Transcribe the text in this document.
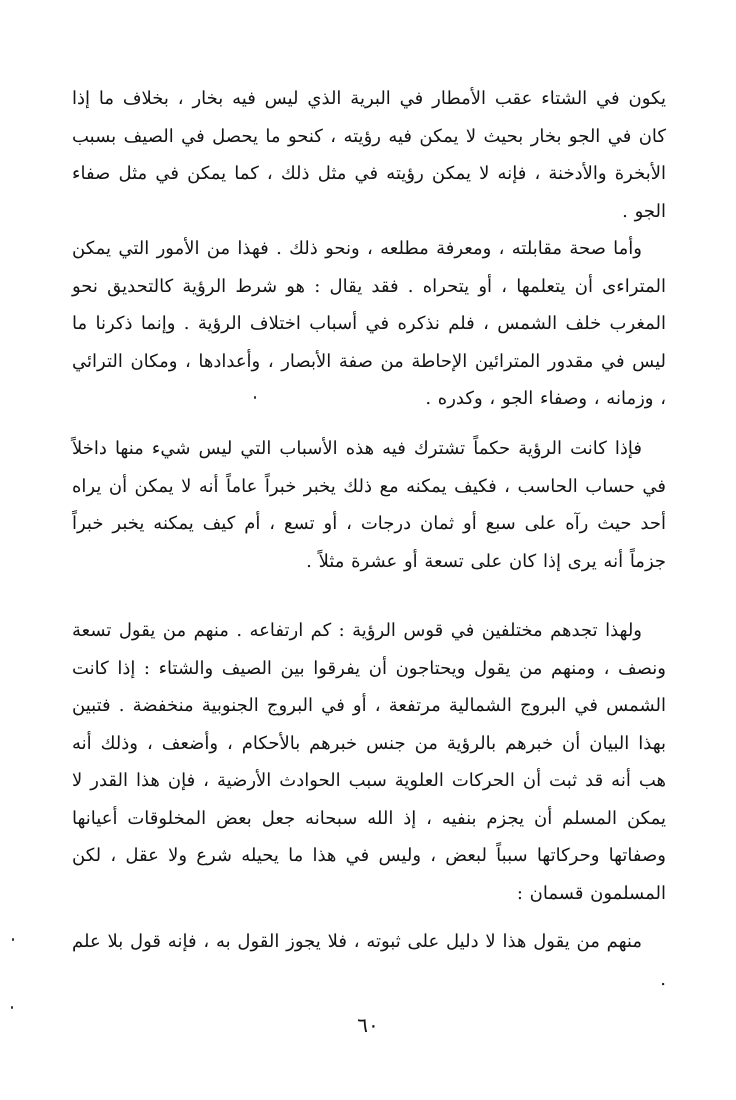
يكون في الشتاء عقب الأمطار في البرية الذي ليس فيه بخار ، بخلاف ما إذا كان في الجو بخار بحيث لا يمكن فيه رؤيته ، كنحو ما يحصل في الصيف بسبب الأبخرة والأدخنة ، فإنه لا يمكن رؤيته في مثل ذلك ، كما يمكن في مثل صفاء الجو .

وأما صحة مقابلته ، ومعرفة مطلعه ، ونحو ذلك . فهذا من الأمور التي يمكن المتراءى أن يتعلمها ، أو يتحراه . فقد يقال : هو شرط الرؤية كالتحديق نحو المغرب خلف الشمس ، فلم نذكره في أسباب اختلاف الرؤية . وإنما ذكرنا ما ليس في مقدور المترائين الإحاطة من صفة الأبصار ، وأعدادها ، ومكان الترائي ، وزمانه ، وصفاء الجو ، وكدره .

فإذا كانت الرؤية حكماً تشترك فيه هذه الأسباب التي ليس شيء منها داخلاً في حساب الحاسب ، فكيف يمكنه مع ذلك يخبر خبراً عاماً أنه لا يمكن أن يراه أحد حيث رآه على سبع أو ثمان درجات ، أو تسع ، أم كيف يمكنه يخبر خبراً جزماً أنه يرى إذا كان على تسعة أو عشرة مثلاً .

ولهذا تجدهم مختلفين في قوس الرؤية : كم ارتفاعه . منهم من يقول تسعة ونصف ، ومنهم من يقول ويحتاجون أن يفرقوا بين الصيف والشتاء : إذا كانت الشمس في البروج الشمالية مرتفعة ، أو في البروج الجنوبية منخفضة . فتبين بهذا البيان أن خبرهم بالرؤية من جنس خبرهم بالأحكام ، وأضعف ، وذلك أنه هب أنه قد ثبت أن الحركات العلوية سبب الحوادث الأرضية ، فإن هذا القدر لا يمكن المسلم أن يجزم بنفيه ، إذ الله سبحانه جعل بعض المخلوقات أعيانها وصفاتها وحركاتها سبباً لبعض ، وليس في هذا ما يحيله شرع ولا عقل ، لكن المسلمون قسمان :

منهم من يقول هذا لا دليل على ثبوته ، فلا يجوز القول به ، فإنه قول بلا علم .

٦٠
